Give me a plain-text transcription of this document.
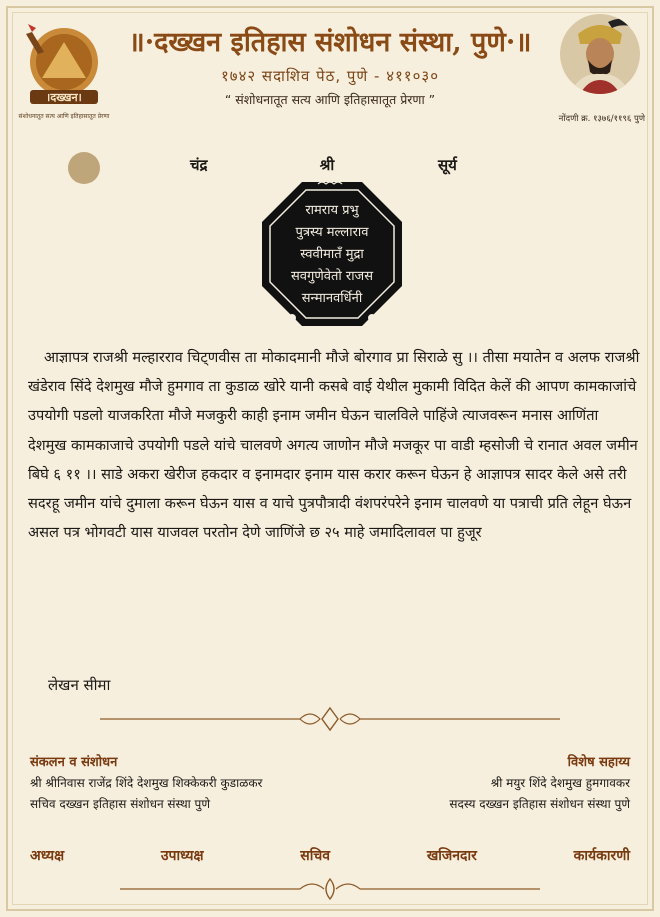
।दख्खन।
संशोधनातूत सत्य आणि इतिहासातूत प्रेरणा
॥·दख्खन इतिहास संशोधन संस्था, पुणे·॥
१७४२ सदाशिव पेठ, पुणे - ४११०३०
“ संशोधनातूत सत्य आणि इतिहासातूत प्रेरणा ”
नोंदणी क्र. १३७६/११९६ पुणे
चंद्र	श्री	सूर्य
रामराय प्रभु
पुत्रस्य मल्लाराव
स्ववीमातँ मुद्रा
सवगुणेवेतो राजस
सन्मानवर्धिनी

आज्ञापत्र राजश्री मल्हारराव चिट्णवीस ता मोकादमानी मौजे बोरगाव प्रा सिराळे सु ।। तीसा मयातेन व अलफ राजश्री खंडेराव सिंदे देशमुख मौजे हुमगाव ता कुडाळ खोरे यानी कसबे वाई येथील मुकामी विदित केलें की आपण कामकाजांचे उपयोगी पडलो याजकरिता मौजे मजकुरी काही इनाम जमीन घेऊन चालविले पाहिंजे त्याजवरून मनास आणिंता देशमुख कामकाजाचे उपयोगी पडले यांचे चालवणे अगत्य जाणोन मौजे मजकूर पा वाडी म्हसोजी चे रानात अवल जमीन बिघे ६ ११ ।। साडे अकरा खेरीज हकदार व इनामदार इनाम यास करार करून घेऊन हे आज्ञापत्र सादर केले असे तरी सदरहू जमीन यांचे दुमाला करून घेऊन यास व याचे पुत्रपौत्रादी वंशपरंपरेने इनाम चालवणे या पत्राची प्रति लेहून घेऊन असल पत्र भोगवटी यास याजवल परतोन देणे जाणिंजे छ २५ माहे जमादिलावल पा हुजूर

लेखन सीमा
संकलन व संशोधन
श्री श्रीनिवास राजेंद्र शिंदे देशमुख शिक्केकरी कुडाळकर
सचिव दख्खन इतिहास संशोधन संस्था पुणे
विशेष सहाय्य
श्री मयुर शिंदे देशमुख हुमगावकर
सदस्य दख्खन इतिहास संशोधन संस्था पुणे
अध्यक्ष	उपाध्यक्ष	सचिव	खजिनदार	कार्यकारणी
